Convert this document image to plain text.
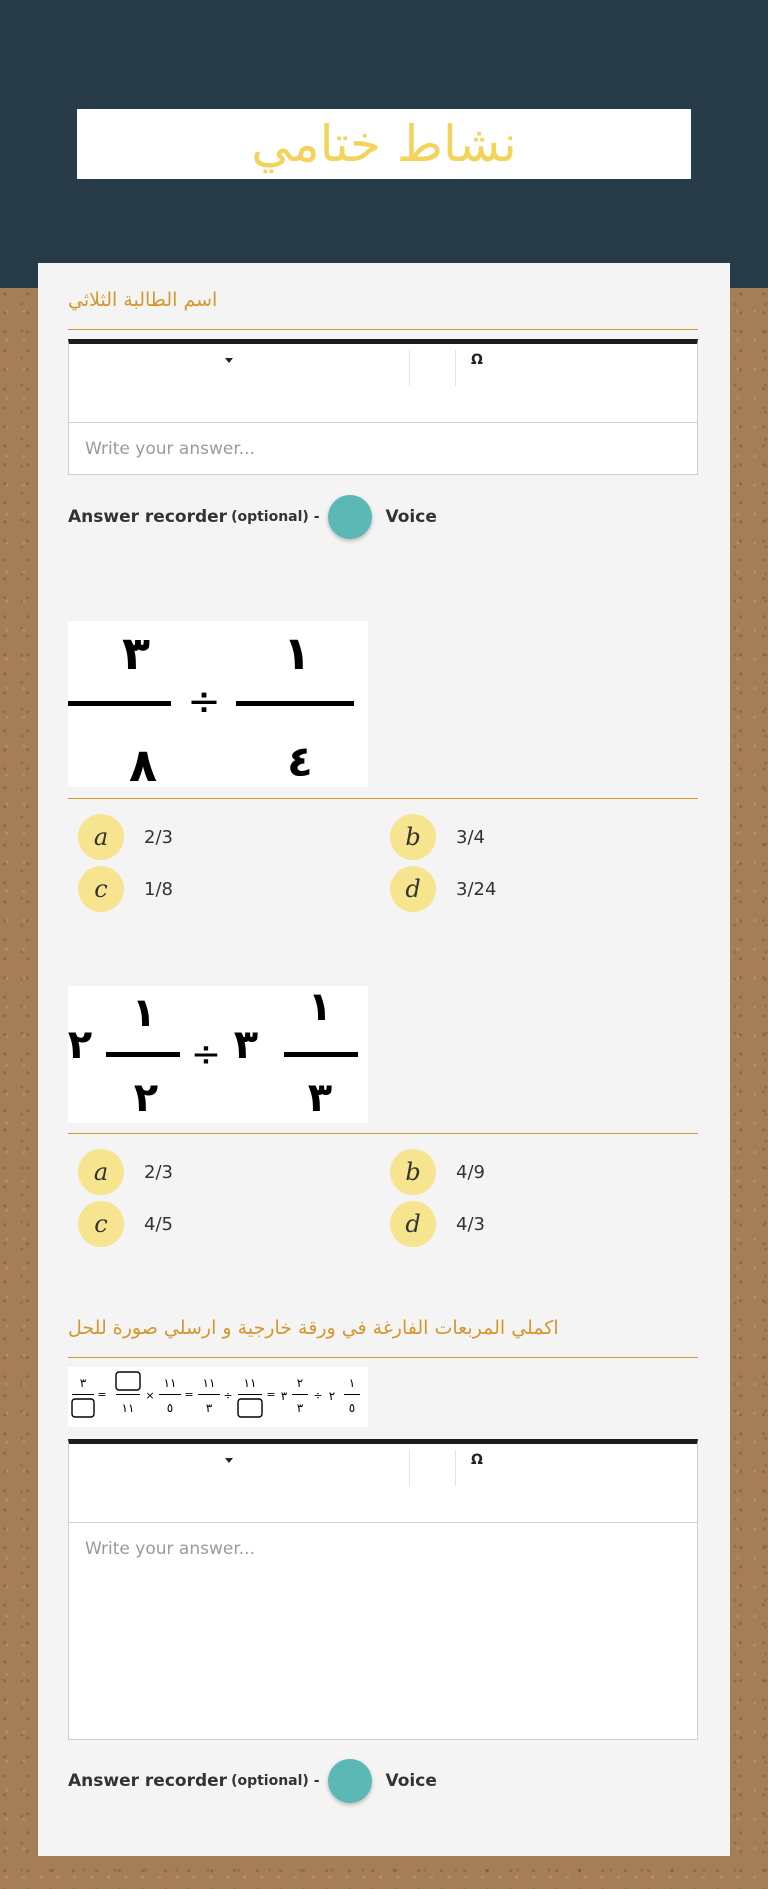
نشاط ختامي
اسم الطالبة الثلاثي
Ω
Write your answer...
Answer recorder (optional) -	Voice
٣
٨
÷
١
٤
a	2/3	b	3/4
c	1/8	d	3/24
٢
١
٢
÷ ٣
١
٣
a	2/3	b	4/9
c	4/5	d	4/3
اكملي المربعات الفارغة في ورقة خارجية و ارسلي صورة للحل
٣
=
١١
×
١١
٥
=
١١
٣
÷
١١
= ٣
٢
٣
÷ ٢
١
٥
Ω
Write your answer...
Answer recorder (optional) -	Voice
